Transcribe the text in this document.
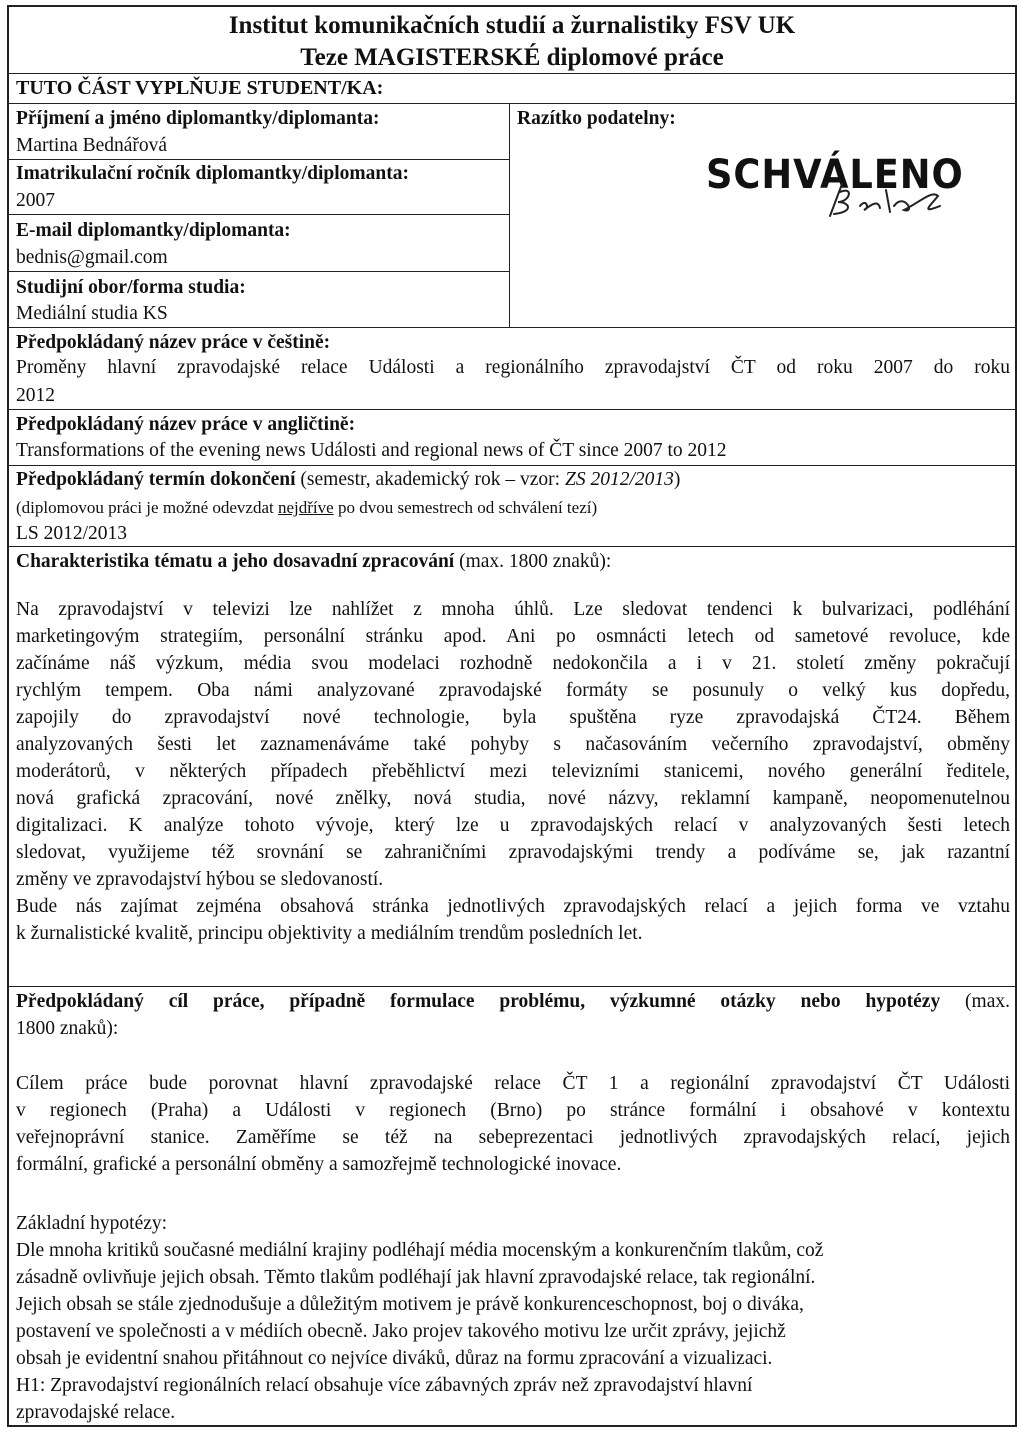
Institut komunikačních studií a žurnalistiky FSV UK
Teze MAGISTERSKÉ diplomové práce
TUTO ČÁST VYPLŇUJE STUDENT/KA:
Příjmení a jméno diplomantky/diplomanta:
Martina Bednářová
Imatrikulační ročník diplomantky/diplomanta:
2007
E-mail diplomantky/diplomanta:
bednis@gmail.com
Studijní obor/forma studia:
Mediální studia KS
Razítko podatelny:
SCHVÁLENO
Předpokládaný název práce v češtině:
Proměny hlavní zpravodajské relace Události a regionálního zpravodajství ČT od roku 2007 do roku
2012
Předpokládaný název práce v angličtině:
Transformations of the evening news Události and regional news of ČT since 2007 to 2012
Předpokládaný termín dokončení (semestr, akademický rok – vzor: ZS 2012/2013)
(diplomovou práci je možné odevzdat nejdříve po dvou semestrech od schválení tezí)
LS 2012/2013
Charakteristika tématu a jeho dosavadní zpracování (max. 1800 znaků):
Na zpravodajství v televizi lze nahlížet z mnoha úhlů. Lze sledovat tendenci k bulvarizaci, podléhání
marketingovým strategiím, personální stránku apod. Ani po osmnácti letech od sametové revoluce, kde
začínáme náš výzkum, média svou modelaci rozhodně nedokončila a i v 21. století změny pokračují
rychlým tempem. Oba námi analyzované zpravodajské formáty se posunuly o velký kus dopředu,
zapojily do zpravodajství nové technologie, byla spuštěna ryze zpravodajská ČT24. Během
analyzovaných šesti let zaznamenáváme také pohyby s načasováním večerního zpravodajství, obměny
moderátorů, v některých případech přeběhlictví mezi televizními stanicemi, nového generální ředitele,
nová grafická zpracování, nové znělky, nová studia, nové názvy, reklamní kampaně, neopomenutelnou
digitalizaci. K analýze tohoto vývoje, který lze u zpravodajských relací v analyzovaných šesti letech
sledovat, využijeme též srovnání se zahraničními zpravodajskými trendy a podíváme se, jak razantní
změny ve zpravodajství hýbou se sledovaností.
Bude nás zajímat zejména obsahová stránka jednotlivých zpravodajských relací a jejich forma ve vztahu
k žurnalistické kvalitě, principu objektivity a mediálním trendům posledních let.
Předpokládaný cíl práce, případně formulace problému, výzkumné otázky nebo hypotézy (max.
1800 znaků):
Cílem práce bude porovnat hlavní zpravodajské relace ČT 1 a regionální zpravodajství ČT Události
v regionech (Praha) a Události v regionech (Brno) po stránce formální i obsahové v kontextu
veřejnoprávní stanice. Zaměříme se též na sebeprezentaci jednotlivých zpravodajských relací, jejich
formální, grafické a personální obměny a samozřejmě technologické inovace.
Základní hypotézy:
Dle mnoha kritiků současné mediální krajiny podléhají média mocenským a konkurenčním tlakům, což
zásadně ovlivňuje jejich obsah. Těmto tlakům podléhají jak hlavní zpravodajské relace, tak regionální.
Jejich obsah se stále zjednodušuje a důležitým motivem je právě konkurenceschopnost, boj o diváka,
postavení ve společnosti a v médiích obecně. Jako projev takového motivu lze určit zprávy, jejichž
obsah je evidentní snahou přitáhnout co nejvíce diváků, důraz na formu zpracování a vizualizaci.
H1: Zpravodajství regionálních relací obsahuje více zábavných zpráv než zpravodajství hlavní
zpravodajské relace.
